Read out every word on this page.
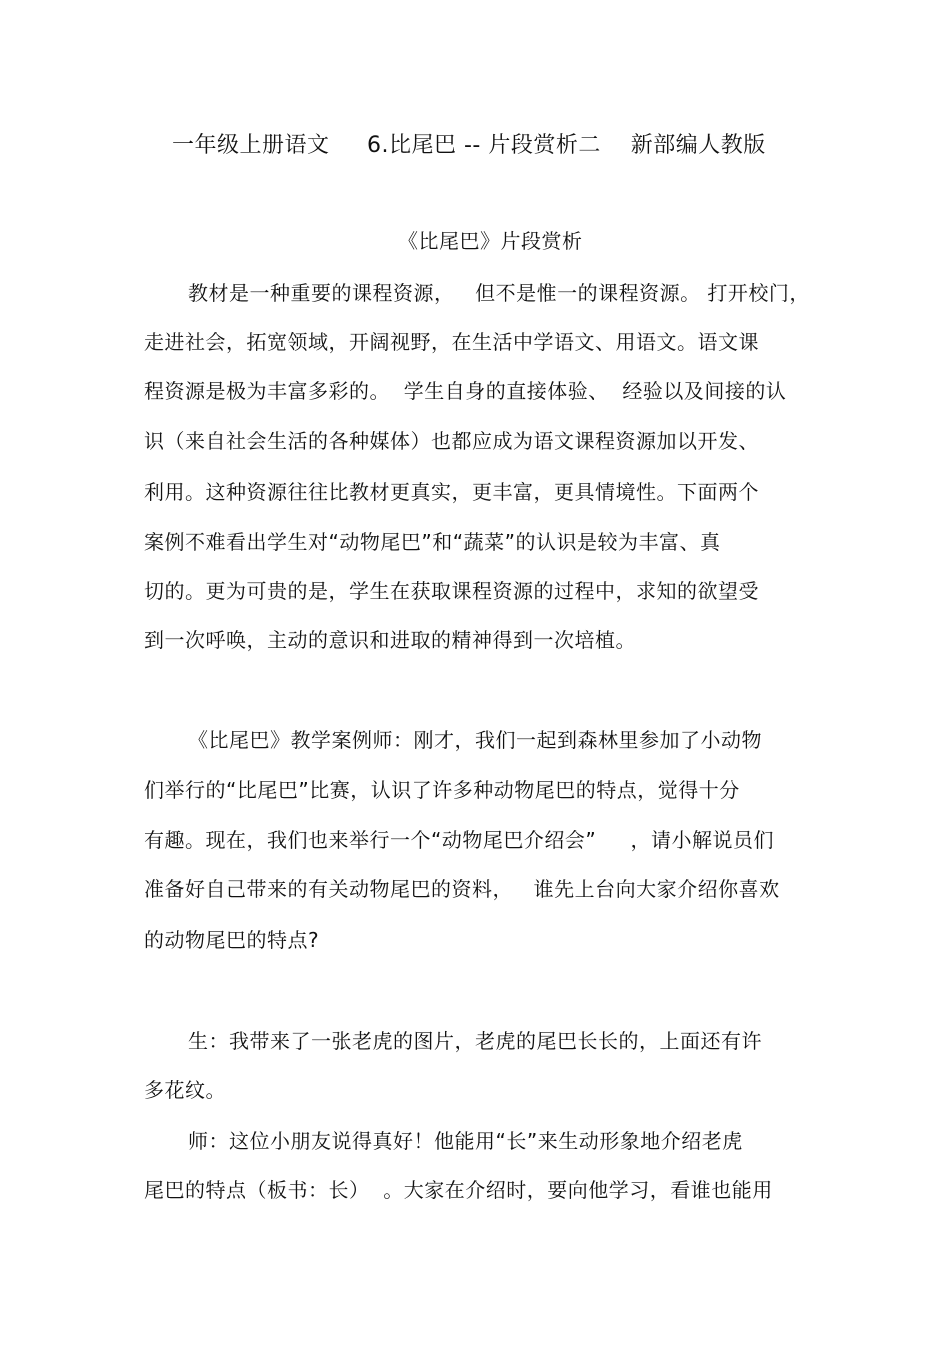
一年级上册语文     6.比尾巴 -- 片段赏析二    新部编人教版
《比尾巴》片段赏析
教材是一种重要的课程资源，   但不是惟一的课程资源。 打开校门，
走进社会，拓宽领域，开阔视野，在生活中学语文、用语文。语文课
程资源是极为丰富多彩的。  学生自身的直接体验、  经验以及间接的认
识（来自社会生活的各种媒体）也都应成为语文课程资源加以开发、
利用。这种资源往往比教材更真实，更丰富，更具情境性。下面两个
案例不难看出学生对“动物尾巴”和“蔬菜”的认识是较为丰富、真
切的。更为可贵的是，学生在获取课程资源的过程中，求知的欲望受
到一次呼唤，主动的意识和进取的精神得到一次培植。
《比尾巴》教学案例师：刚才，我们一起到森林里参加了小动物
们举行的“比尾巴”比赛，认识了许多种动物尾巴的特点，觉得十分
有趣。现在，我们也来举行一个“动物尾巴介绍会”     ，请小解说员们
准备好自己带来的有关动物尾巴的资料，   谁先上台向大家介绍你喜欢
的动物尾巴的特点?
生：我带来了一张老虎的图片，老虎的尾巴长长的，上面还有许
多花纹。
师：这位小朋友说得真好！他能用“长”来生动形象地介绍老虎
尾巴的特点（板书：长）  。大家在介绍时，要向他学习，看谁也能用
